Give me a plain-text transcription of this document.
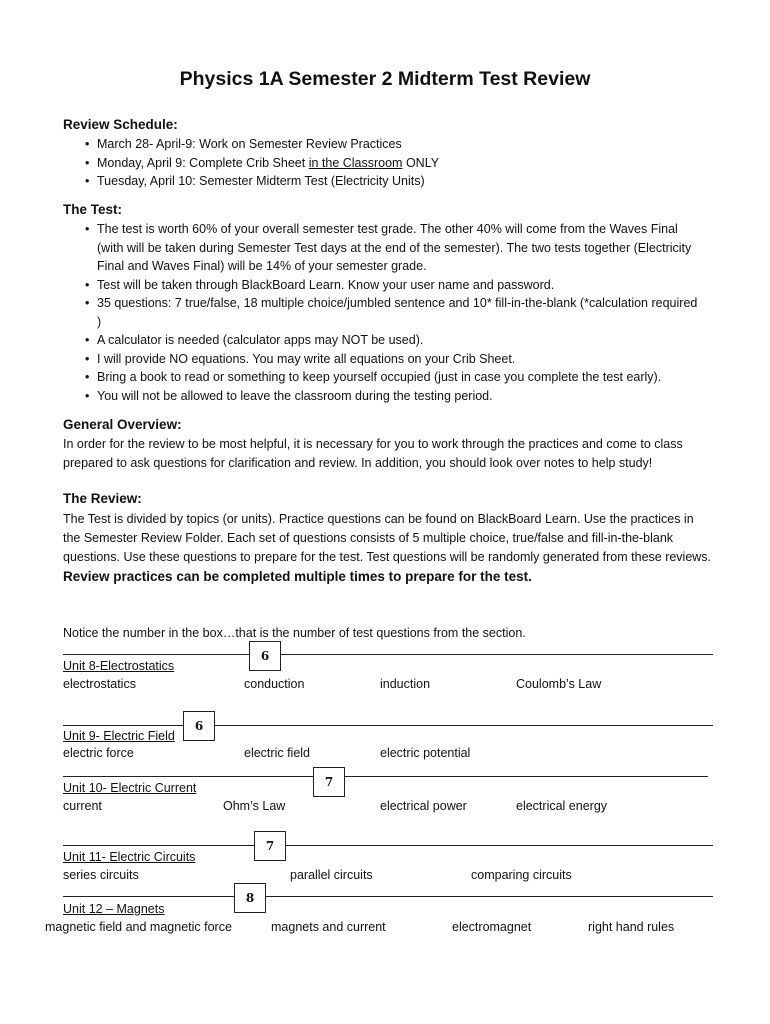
Physics 1A Semester 2 Midterm Test Review
Review Schedule:
• March 28- April-9: Work on Semester Review Practices
• Monday, April 9: Complete Crib Sheet in the Classroom ONLY
• Tuesday, April 10: Semester Midterm Test (Electricity Units)
The Test:
• The test is worth 60% of your overall semester test grade. The other 40% will come from the Waves Final (with will be taken during Semester Test days at the end of the semester). The two tests together (Electricity Final and Waves Final) will be 14% of your semester grade.
• Test will be taken through BlackBoard Learn. Know your user name and password.
• 35 questions: 7 true/false, 18 multiple choice/jumbled sentence and 10* fill-in-the-blank (*calculation required )
• A calculator is needed (calculator apps may NOT be used).
• I will provide NO equations. You may write all equations on your Crib Sheet.
• Bring a book to read or something to keep yourself occupied (just in case you complete the test early).
• You will not be allowed to leave the classroom during the testing period.
General Overview:
In order for the review to be most helpful, it is necessary for you to work through the practices and come to class prepared to ask questions for clarification and review. In addition, you should look over notes to help study!
The Review:
The Test is divided by topics (or units). Practice questions can be found on BlackBoard Learn. Use the practices in the Semester Review Folder. Each set of questions consists of 5 multiple choice, true/false and fill-in-the-blank questions. Use these questions to prepare for the test. Test questions will be randomly generated from these reviews. Review practices can be completed multiple times to prepare for the test.
Notice the number in the box…that is the number of test questions from the section.
6
Unit 8-Electrostatics
electrostatics	conduction	induction	Coulomb’s Law
6
Unit 9- Electric Field
electric force	electric field	electric potential
7
Unit 10- Electric Current
current	Ohm’s Law	electrical power	electrical energy
7
Unit 11- Electric Circuits
series circuits	parallel circuits	comparing circuits
8
Unit 12 – Magnets
magnetic field and magnetic force	magnets and current	electromagnet	right hand rules
